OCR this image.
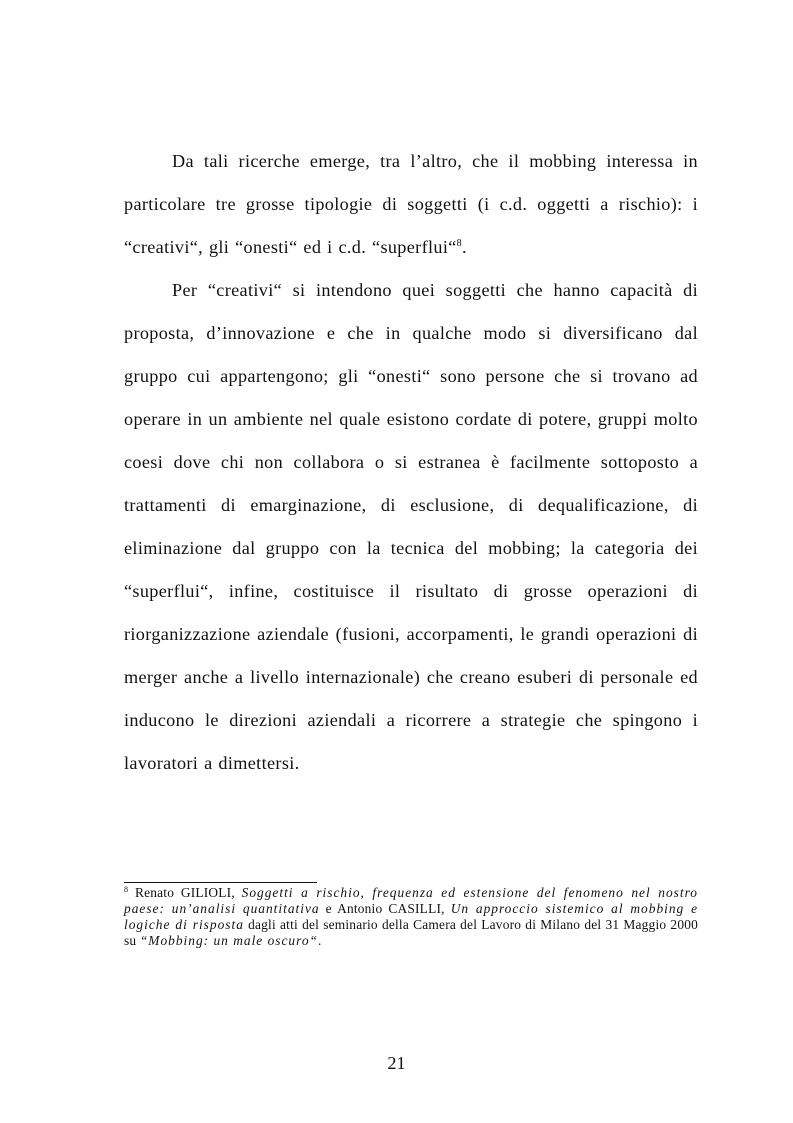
Da tali ricerche emerge, tra l’altro, che il mobbing interessa in particolare tre grosse tipologie di soggetti (i c.d. oggetti a rischio): i “creativi“, gli “onesti“ ed i c.d. “superflui“$^8$.

Per “creativi“ si intendono quei soggetti che hanno capacità di proposta, d’innovazione e che in qualche modo si diversificano dal gruppo cui appartengono; gli “onesti“ sono persone che si trovano ad operare in un ambiente nel quale esistono cordate di potere, gruppi molto coesi dove chi non collabora o si estranea è facilmente sottoposto a trattamenti di emarginazione, di esclusione, di dequalificazione, di eliminazione dal gruppo con la tecnica del mobbing; la categoria dei “superflui“, infine, costituisce il risultato di grosse operazioni di riorganizzazione aziendale (fusioni, accorpamenti, le grandi operazioni di merger anche a livello internazionale) che creano esuberi di personale ed inducono le direzioni aziendali a ricorrere a strategie che spingono i lavoratori a dimettersi.

$^8$ Renato GILIOLI, Soggetti a rischio, frequenza ed estensione del fenomeno nel nostro paese: un’analisi quantitativa e Antonio CASILLI, Un approccio sistemico al mobbing e logiche di risposta dagli atti del seminario della Camera del Lavoro di Milano del 31 Maggio 2000 su “Mobbing: un male oscuro“.
21
